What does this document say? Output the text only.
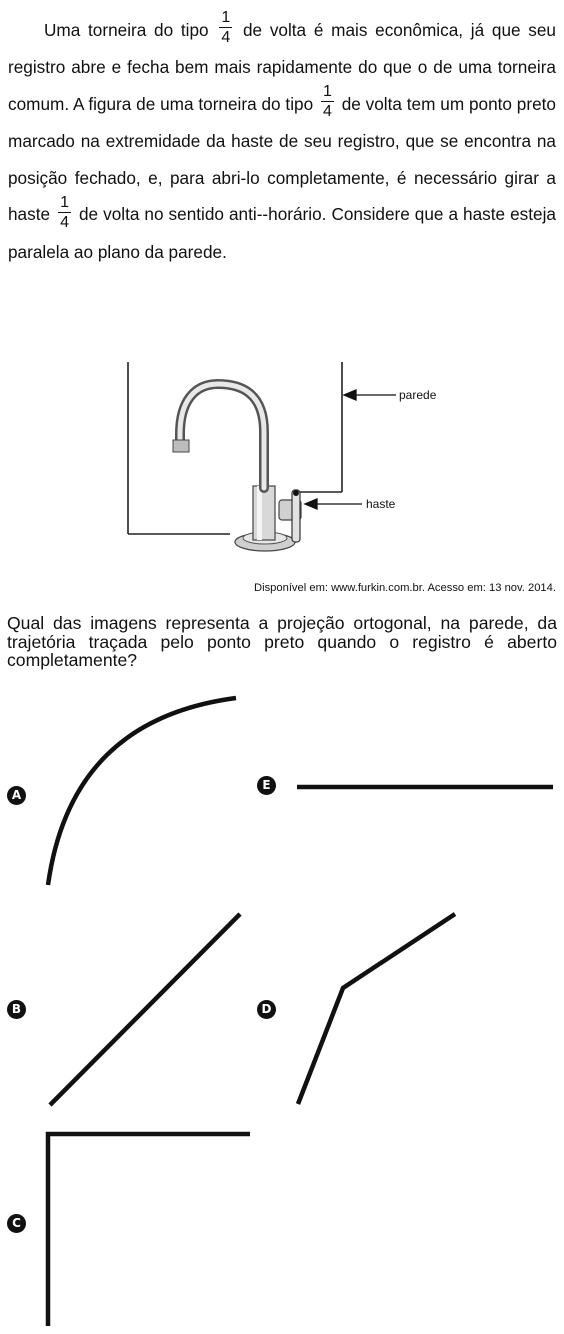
Uma torneira do tipo $\frac{1}{4}$ de volta é mais econômica, já que seu registro abre e fecha bem mais rapidamente do que o de uma torneira comum. A figura de uma torneira do tipo $\frac{1}{4}$ de volta tem um ponto preto marcado na extremidade da haste de seu registro, que se encontra na posição fechado, e, para abri-lo completamente, é necessário girar a haste $\frac{1}{4}$ de volta no sentido anti--horário. Considere que a haste esteja paralela ao plano da parede.
parede
haste
Disponível em: www.furkin.com.br. Acesso em: 13 nov. 2014.
Qual das imagens representa a projeção ortogonal, na parede, da trajetória traçada pelo ponto preto quando o registro é aberto completamente?
A
E
B	D
C
